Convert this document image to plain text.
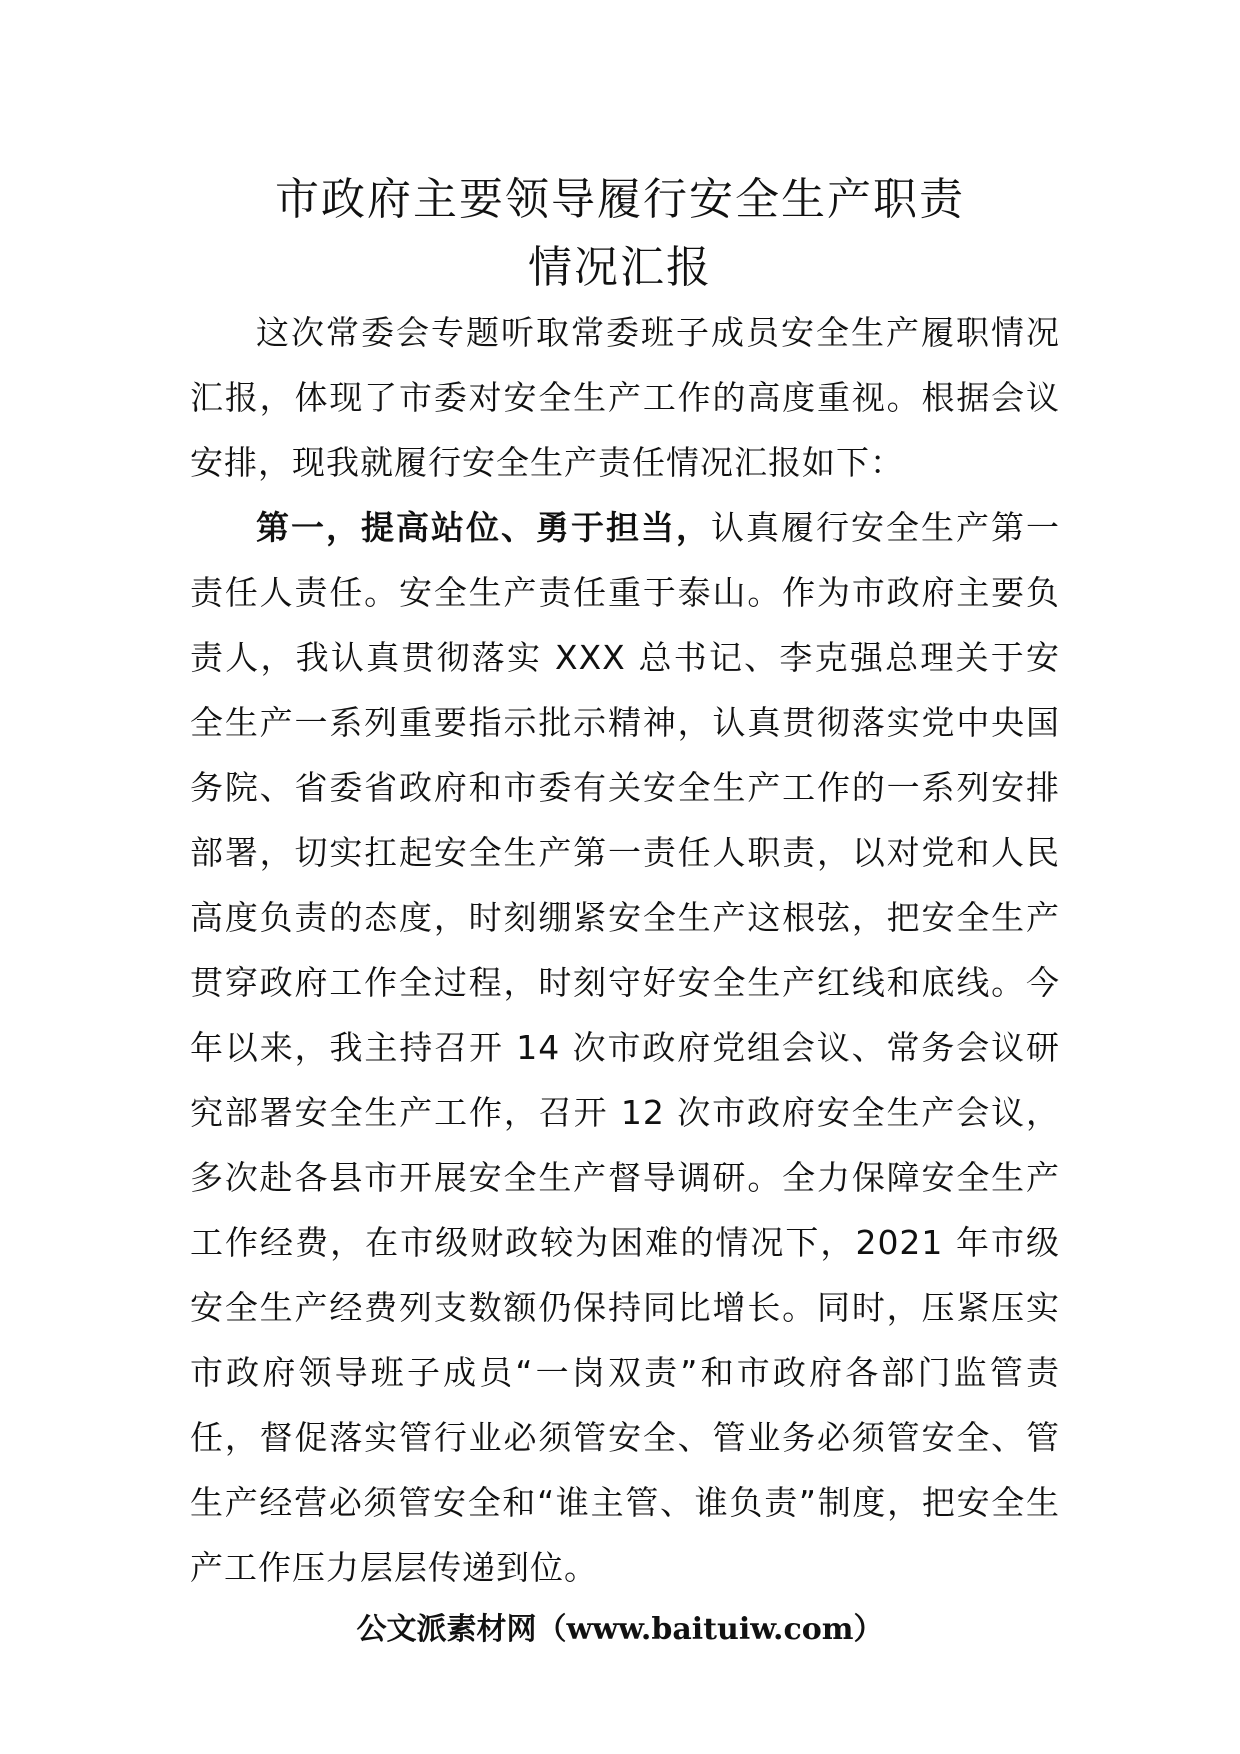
市政府主要领导履行安全生产职责
情况汇报

这次常委会专题听取常委班子成员安全生产履职情况汇报，体现了市委对安全生产工作的高度重视。根据会议安排，现我就履行安全生产责任情况汇报如下：

第一，提高站位、勇于担当，认真履行安全生产第一责任人责任。安全生产责任重于泰山。作为市政府主要负责人，我认真贯彻落实 XXX 总书记、李克强总理关于安全生产一系列重要指示批示精神，认真贯彻落实党中央国务院、省委省政府和市委有关安全生产工作的一系列安排部署，切实扛起安全生产第一责任人职责，以对党和人民高度负责的态度，时刻绷紧安全生产这根弦，把安全生产贯穿政府工作全过程，时刻守好安全生产红线和底线。今年以来，我主持召开 14 次市政府党组会议、常务会议研究部署安全生产工作，召开 12 次市政府安全生产会议，多次赴各县市开展安全生产督导调研。全力保障安全生产工作经费，在市级财政较为困难的情况下，2021 年市级安全生产经费列支数额仍保持同比增长。同时，压紧压实市政府领导班子成员“一岗双责”和市政府各部门监管责任，督促落实管行业必须管安全、管业务必须管安全、管生产经营必须管安全和“谁主管、谁负责”制度，把安全生产工作压力层层传递到位。

公文派素材网（www.baituiw.com）
